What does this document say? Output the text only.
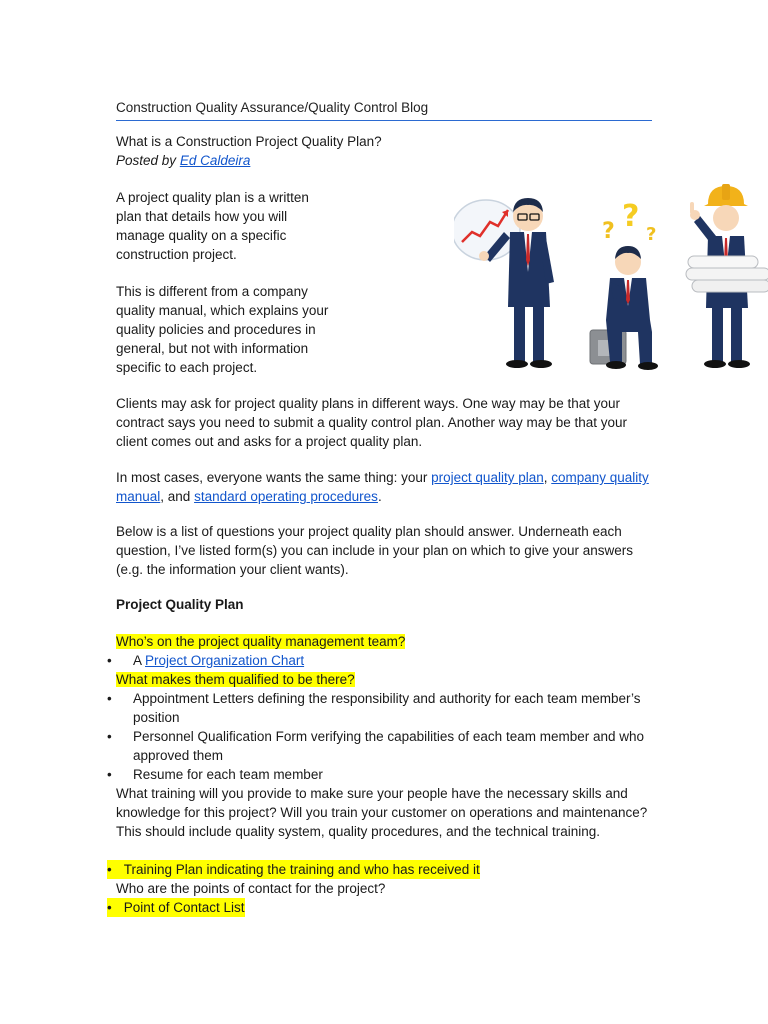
Construction Quality Assurance/Quality Control Blog
What is a Construction Project Quality Plan?
Posted by Ed Caldeira

A project quality plan is a written plan that details how you will manage quality on a specific construction project.

This is different from a company quality manual, which explains your quality policies and procedures in general, but not with information specific to each project.

? ?
?

Clients may ask for project quality plans in different ways. One way may be that your contract says you need to submit a quality control plan. Another way may be that your client comes out and asks for a project quality plan.

In most cases, everyone wants the same thing: your project quality plan, company quality manual, and standard operating procedures.

Below is a list of questions your project quality plan should answer. Underneath each question, I’ve listed form(s) you can include in your plan on which to give your answers (e.g. the information your client wants).

Project Quality Plan
Who’s on the project quality management team?
• A Project Organization Chart
What makes them qualified to be there?
• Appointment Letters defining the responsibility and authority for each team member’s position
• Personnel Qualification Form verifying the capabilities of each team member and who approved them
• Resume for each team member
What training will you provide to make sure your people have the necessary skills and knowledge for this project? Will you train your customer on operations and maintenance? This should include quality system, quality procedures, and the technical training.
• Training Plan indicating the training and who has received it
Who are the points of contact for the project?
• Point of Contact List
